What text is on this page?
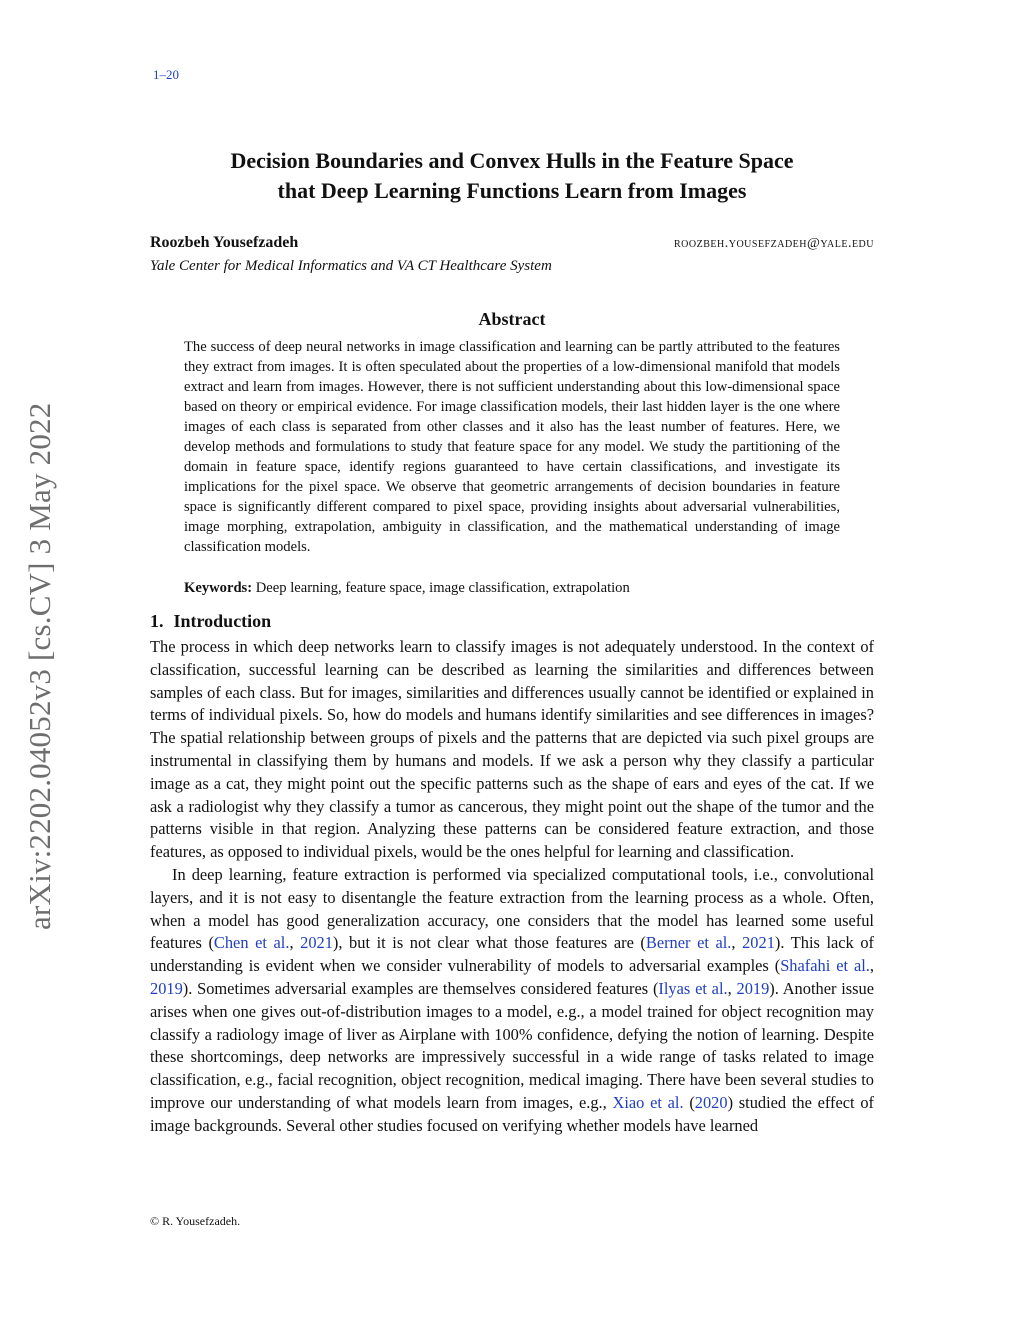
1–20
arXiv:2202.04052v3 [cs.CV] 3 May 2022
Decision Boundaries and Convex Hulls in the Feature Space
that Deep Learning Functions Learn from Images
Roozbeh Yousefzadeh	roozbeh.yousefzadeh@yale.edu
Yale Center for Medical Informatics and VA CT Healthcare System
Abstract

The success of deep neural networks in image classification and learning can be partly attributed to the features they extract from images. It is often speculated about the properties of a low-dimensional manifold that models extract and learn from images. However, there is not sufficient understanding about this low-dimensional space based on theory or empirical evidence. For image classification models, their last hidden layer is the one where images of each class is separated from other classes and it also has the least number of features. Here, we develop methods and formulations to study that feature space for any model. We study the partitioning of the domain in feature space, identify regions guaranteed to have certain classifications, and investigate its implications for the pixel space. We observe that geometric arrangements of decision boundaries in feature space is significantly different compared to pixel space, providing insights about adversarial vulnerabilities, image morphing, extrapolation, ambiguity in classification, and the mathematical understanding of image classification models.

Keywords: Deep learning, feature space, image classification, extrapolation
1. Introduction

The process in which deep networks learn to classify images is not adequately understood. In the context of classification, successful learning can be described as learning the similarities and differences between samples of each class. But for images, similarities and differences usually cannot be identified or explained in terms of individual pixels. So, how do models and humans identify similarities and see differences in images? The spatial relationship between groups of pixels and the patterns that are depicted via such pixel groups are instrumental in classifying them by humans and models. If we ask a person why they classify a particular image as a cat, they might point out the specific patterns such as the shape of ears and eyes of the cat. If we ask a radiologist why they classify a tumor as cancerous, they might point out the shape of the tumor and the patterns visible in that region. Analyzing these patterns can be considered feature extraction, and those features, as opposed to individual pixels, would be the ones helpful for learning and classification.

In deep learning, feature extraction is performed via specialized computational tools, i.e., convolutional layers, and it is not easy to disentangle the feature extraction from the learning process as a whole. Often, when a model has good generalization accuracy, one considers that the model has learned some useful features (Chen et al., 2021), but it is not clear what those features are (Berner et al., 2021). This lack of understanding is evident when we consider vulnerability of models to adversarial examples (Shafahi et al., 2019). Sometimes adversarial examples are themselves considered features (Ilyas et al., 2019). Another issue arises when one gives out-of-distribution images to a model, e.g., a model trained for object recognition may classify a radiology image of liver as Airplane with 100% confidence, defying the notion of learning. Despite these shortcomings, deep networks are impressively successful in a wide range of tasks related to image classification, e.g., facial recognition, object recognition, medical imaging. There have been several studies to improve our understanding of what models learn from images, e.g., Xiao et al. (2020) studied the effect of image backgrounds. Several other studies focused on verifying whether models have learned

© R. Yousefzadeh.
